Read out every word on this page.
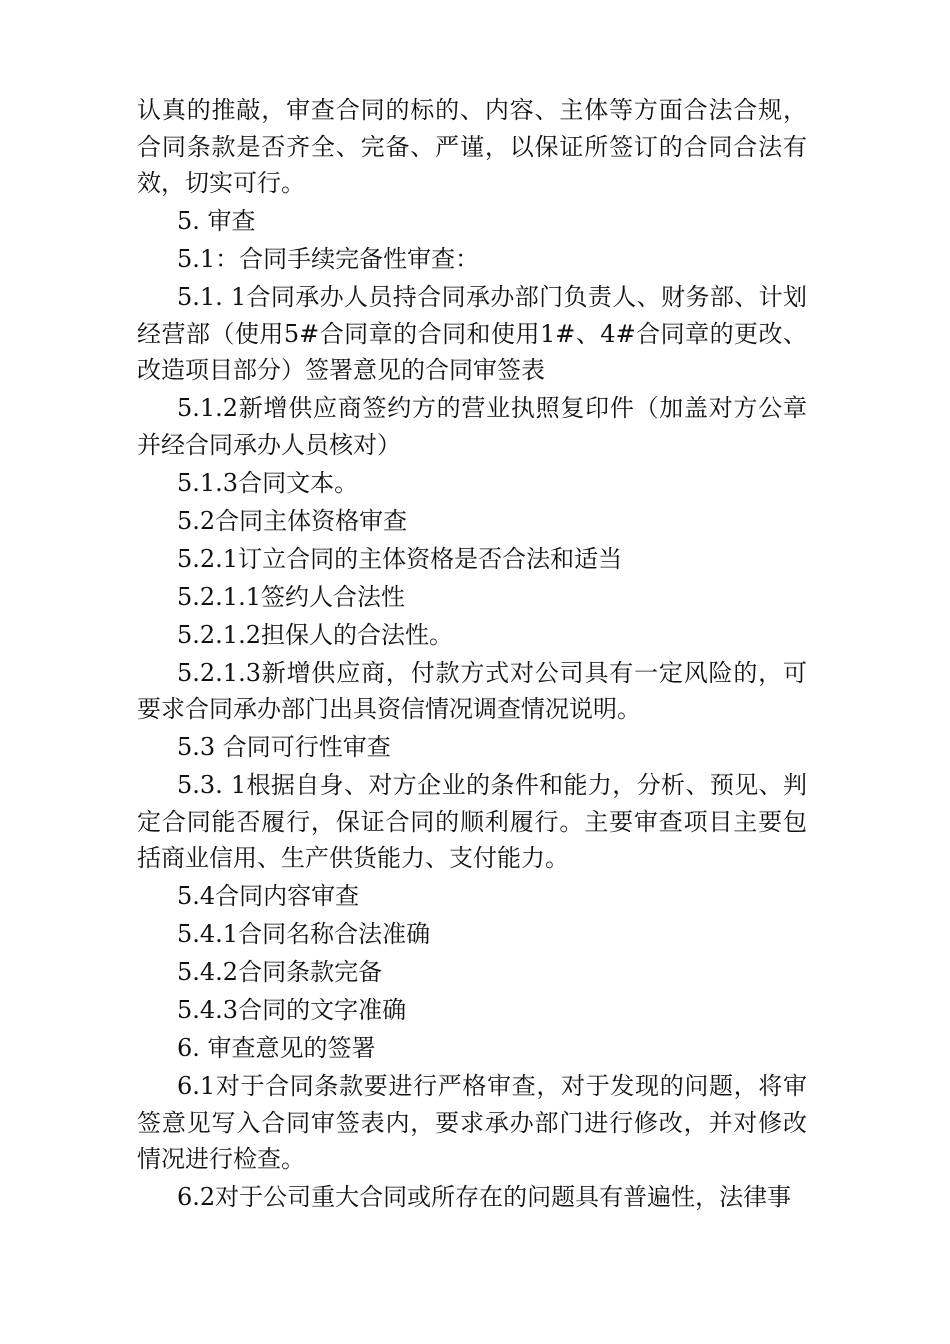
认真的推敲，审查合同的标的、内容、主体等方面合法合规，合同条款是否齐全、完备、严谨，以保证所签订的合同合法有效，切实可行。

5. 审查

5.1：合同手续完备性审查：

5.1. 1合同承办人员持合同承办部门负责人、财务部、计划经营部（使用5#合同章的合同和使用1#、4#合同章的更改、改造项目部分）签署意见的合同审签表

5.1.2新增供应商签约方的营业执照复印件（加盖对方公章并经合同承办人员核对）

5.1.3合同文本。

5.2合同主体资格审查

5.2.1订立合同的主体资格是否合法和适当

5.2.1.1签约人合法性

5.2.1.2担保人的合法性。

5.2.1.3新增供应商，付款方式对公司具有一定风险的，可要求合同承办部门出具资信情况调查情况说明。

5.3 合同可行性审查

5.3. 1根据自身、对方企业的条件和能力，分析、预见、判定合同能否履行，保证合同的顺利履行。主要审查项目主要包括商业信用、生产供货能力、支付能力。

5.4合同内容审查

5.4.1合同名称合法准确

5.4.2合同条款完备

5.4.3合同的文字准确

6. 审查意见的签署

6.1对于合同条款要进行严格审查，对于发现的问题，将审签意见写入合同审签表内，要求承办部门进行修改，并对修改情况进行检查。

6.2对于公司重大合同或所存在的问题具有普遍性，法律事
